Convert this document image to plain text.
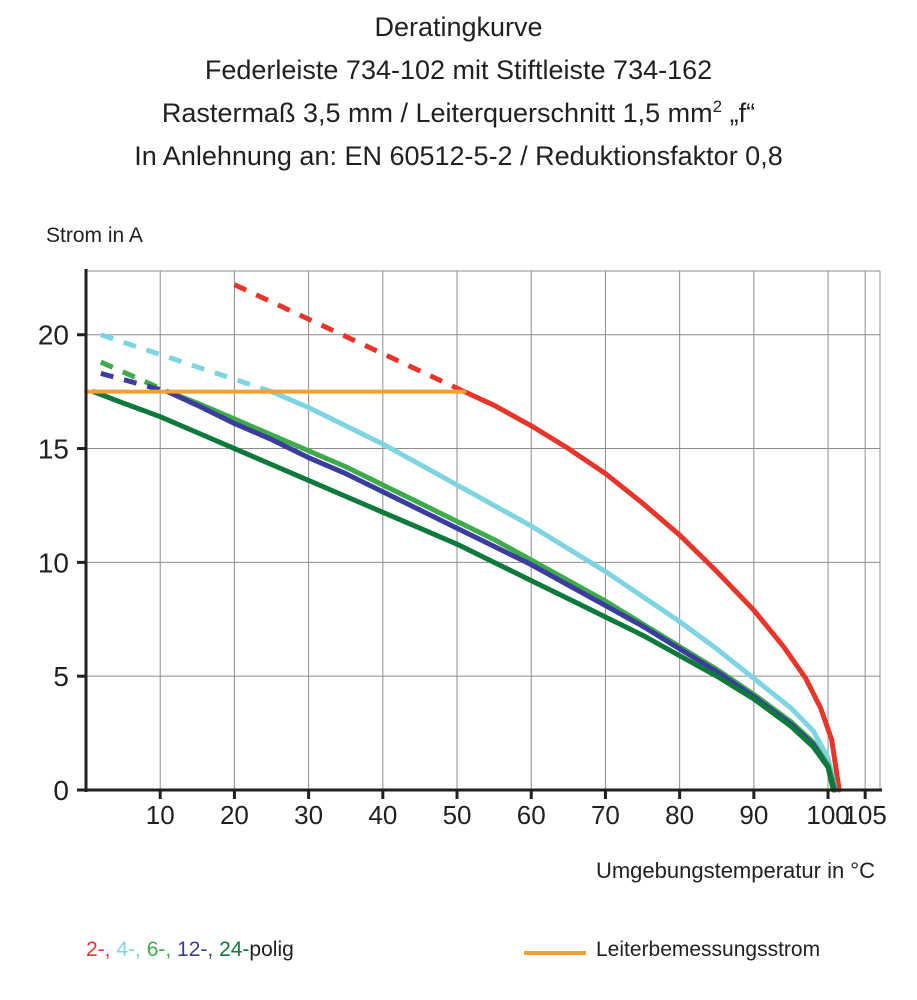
Deratingkurve
Federleiste 734-102 mit Stiftleiste 734-162
Rastermaß 3,5 mm / Leiterquerschnitt 1,5 $mm^2$ „f“
In Anlehnung an: EN 60512-5-2 / Reduktionsfaktor 0,8
Strom in A
10 20 30 40 50 60 70 80 90 100
105
0
5
10
15
20
Umgebungstemperatur in °C
2-, 4-, 6-, 12-, 24-polig	Leiterbemessungsstrom
